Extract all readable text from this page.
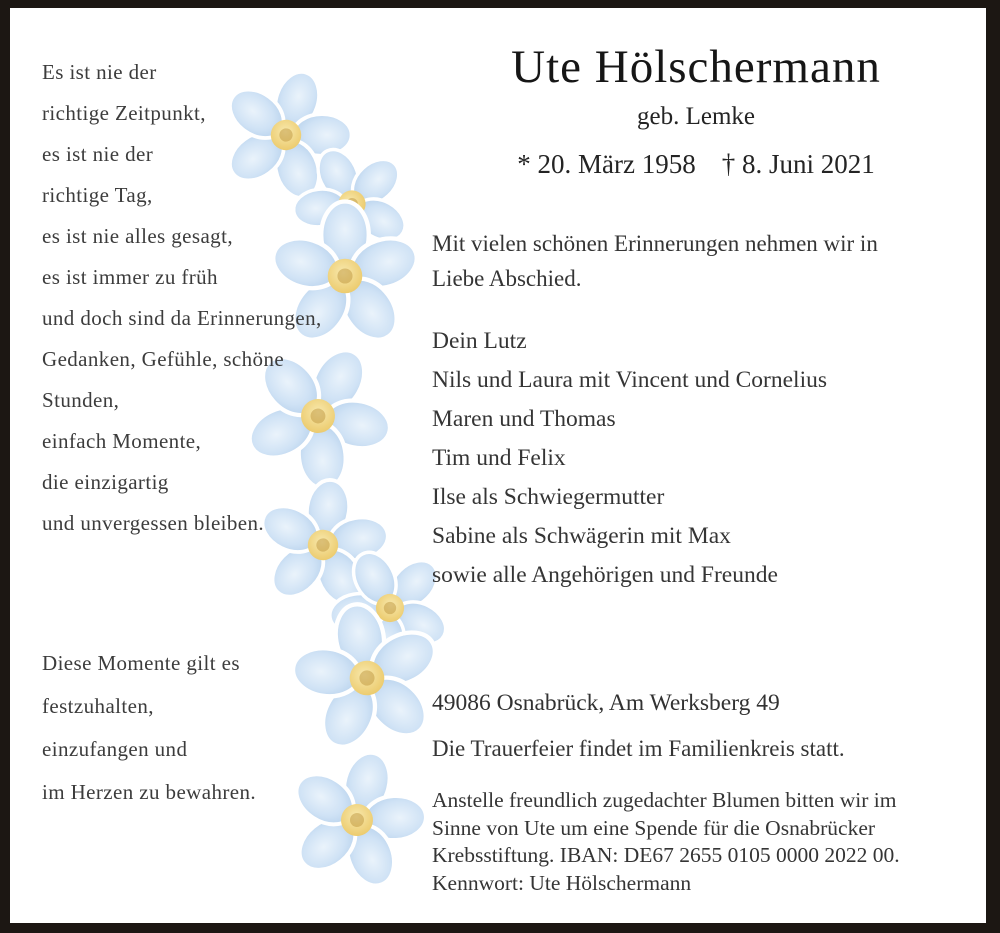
Es ist nie der
richtige Zeitpunkt,
es ist nie der
richtige Tag,
es ist nie alles gesagt,
es ist immer zu früh
und doch sind da Erinnerungen,
Gedanken, Gefühle, schöne
Stunden,
einfach Momente,
die einzigartig
und unvergessen bleiben.
Diese Momente gilt es
festzuhalten,
einzufangen und
im Herzen zu bewahren.
Ute Hölschermann
geb. Lemke
* 20. März 1958 † 8. Juni 2021
Mit vielen schönen Erinnerungen nehmen wir in
Liebe Abschied.
Dein Lutz
Nils und Laura mit Vincent und Cornelius
Maren und Thomas
Tim und Felix
Ilse als Schwiegermutter
Sabine als Schwägerin mit Max
sowie alle Angehörigen und Freunde
49086 Osnabrück, Am Werksberg 49
Die Trauerfeier findet im Familienkreis statt.
Anstelle freundlich zugedachter Blumen bitten wir im
Sinne von Ute um eine Spende für die Osnabrücker
Krebsstiftung. IBAN: DE67 2655 0105 0000 2022 00.
Kennwort: Ute Hölschermann
